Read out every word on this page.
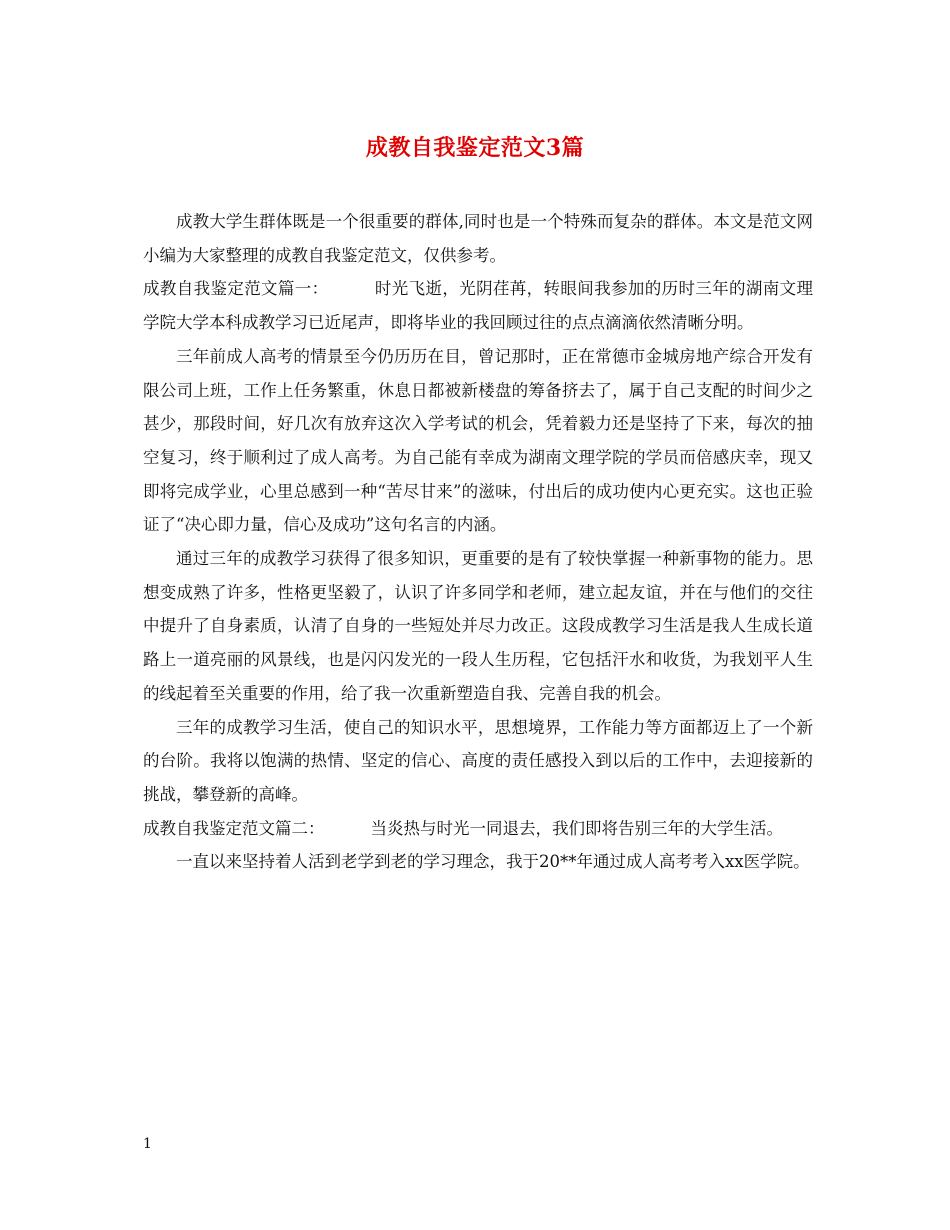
成教自我鉴定范文3篇

成教大学生群体既是一个很重要的群体,同时也是一个特殊而复杂的群体。本文是范文网小编为大家整理的成教自我鉴定范文，仅供参考。

成教自我鉴定范文篇一：	时光飞逝，光阴荏苒，转眼间我参加的历时三年的湖南文理学院大学本科成教学习已近尾声，即将毕业的我回顾过往的点点滴滴依然清晰分明。

三年前成人高考的情景至今仍历历在目，曾记那时，正在常德市金城房地产综合开发有限公司上班，工作上任务繁重，休息日都被新楼盘的筹备挤去了，属于自己支配的时间少之甚少，那段时间，好几次有放弃这次入学考试的机会，凭着毅力还是坚持了下来，每次的抽空复习，终于顺利过了成人高考。为自己能有幸成为湖南文理学院的学员而倍感庆幸，现又即将完成学业，心里总感到一种“苦尽甘来”的滋味，付出后的成功使内心更充实。这也正验证了“决心即力量，信心及成功”这句名言的内涵。

通过三年的成教学习获得了很多知识，更重要的是有了较快掌握一种新事物的能力。思想变成熟了许多，性格更坚毅了，认识了许多同学和老师，建立起友谊，并在与他们的交往中提升了自身素质，认清了自身的一些短处并尽力改正。这段成教学习生活是我人生成长道路上一道亮丽的风景线，也是闪闪发光的一段人生历程，它包括汗水和收货，为我划平人生的线起着至关重要的作用，给了我一次重新塑造自我、完善自我的机会。

三年的成教学习生活，使自己的知识水平，思想境界，工作能力等方面都迈上了一个新的台阶。我将以饱满的热情、坚定的信心、高度的责任感投入到以后的工作中，去迎接新的挑战，攀登新的高峰。

成教自我鉴定范文篇二：	当炎热与时光一同退去，我们即将告别三年的大学生活。

一直以来坚持着人活到老学到老的学习理念，我于20**年通过成人高考考入xx医学院。

1
